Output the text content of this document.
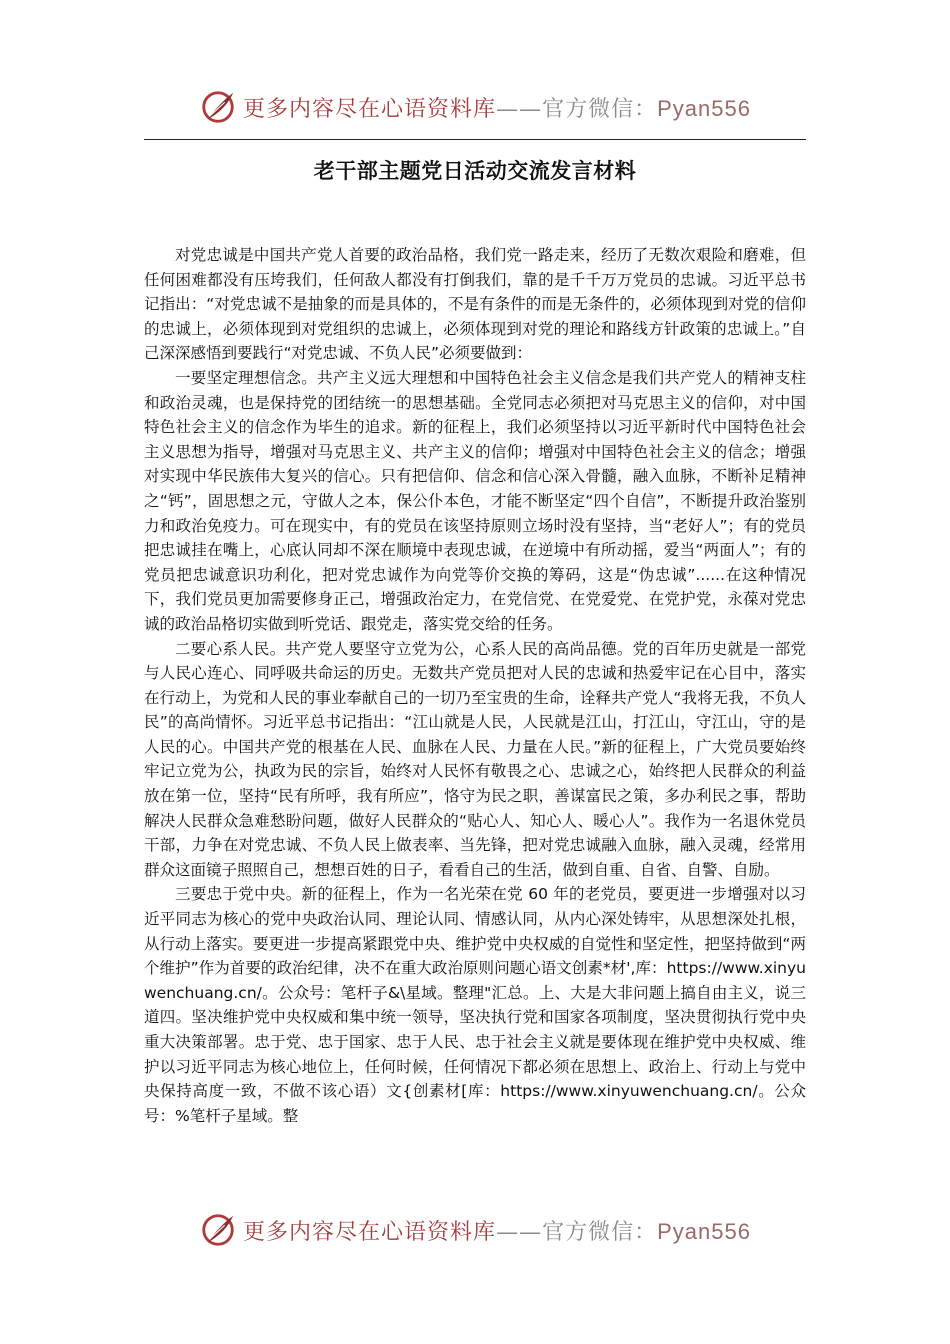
更多内容尽在心语资料库——官方微信：Pyan556
老干部主题党日活动交流发言材料

对党忠诚是中国共产党人首要的政治品格，我们党一路走来，经历了无数次艰险和磨难，但任何困难都没有压垮我们，任何敌人都没有打倒我们，靠的是千千万万党员的忠诚。习近平总书记指出：“对党忠诚不是抽象的而是具体的，不是有条件的而是无条件的，必须体现到对党的信仰的忠诚上，必须体现到对党组织的忠诚上，必须体现到对党的理论和路线方针政策的忠诚上。”自己深深感悟到要践行“对党忠诚、不负人民”必须要做到：

一要坚定理想信念。共产主义远大理想和中国特色社会主义信念是我们共产党人的精神支柱和政治灵魂，也是保持党的团结统一的思想基础。全党同志必须把对马克思主义的信仰，对中国特色社会主义的信念作为毕生的追求。新的征程上，我们必须坚持以习近平新时代中国特色社会主义思想为指导，增强对马克思主义、共产主义的信仰；增强对中国特色社会主义的信念；增强对实现中华民族伟大复兴的信心。只有把信仰、信念和信心深入骨髓，融入血脉，不断补足精神之“钙”，固思想之元，守做人之本，保公仆本色，才能不断坚定“四个自信”，不断提升政治鉴别力和政治免疫力。可在现实中，有的党员在该坚持原则立场时没有坚持，当“老好人”；有的党员把忠诚挂在嘴上，心底认同却不深在顺境中表现忠诚，在逆境中有所动摇，爱当“两面人”；有的党员把忠诚意识功利化，把对党忠诚作为向党等价交换的筹码，这是“伪忠诚”......在这种情况下，我们党员更加需要修身正己，增强政治定力，在党信党、在党爱党、在党护党，永葆对党忠诚的政治品格切实做到听党话、跟党走，落实党交给的任务。

二要心系人民。共产党人要坚守立党为公，心系人民的高尚品德。党的百年历史就是一部党与人民心连心、同呼吸共命运的历史。无数共产党员把对人民的忠诚和热爱牢记在心目中，落实在行动上，为党和人民的事业奉献自己的一切乃至宝贵的生命，诠释共产党人“我将无我，不负人民”的高尚情怀。习近平总书记指出：“江山就是人民，人民就是江山，打江山，守江山，守的是人民的心。中国共产党的根基在人民、血脉在人民、力量在人民。”新的征程上，广大党员要始终牢记立党为公，执政为民的宗旨，始终对人民怀有敬畏之心、忠诚之心，始终把人民群众的利益放在第一位，坚持“民有所呼，我有所应”，恪守为民之职，善谋富民之策，多办利民之事，帮助解决人民群众急难愁盼问题，做好人民群众的“贴心人、知心人、暖心人”。我作为一名退休党员干部，力争在对党忠诚、不负人民上做表率、当先锋，把对党忠诚融入血脉，融入灵魂，经常用群众这面镜子照照自己，想想百姓的日子，看看自己的生活，做到自重、自省、自警、自励。

三要忠于党中央。新的征程上，作为一名光荣在党 60 年的老党员，要更进一步增强对以习近平同志为核心的党中央政治认同、理论认同、情感认同，从内心深处铸牢，从思想深处扎根，从行动上落实。要更进一步提高紧跟党中央、维护党中央权威的自觉性和坚定性，把坚持做到“两个维护”作为首要的政治纪律，决不在重大政治原则问题心语文创素*材',库：https://www.xinyuwenchuang.cn/。公众号：笔杆子&\星域。整理"汇总。上、大是大非问题上搞自由主义，说三道四。坚决维护党中央权威和集中统一领导，坚决执行党和国家各项制度，坚决贯彻执行党中央重大决策部署。忠于党、忠于国家、忠于人民、忠于社会主义就是要体现在维护党中央权威、维护以习近平同志为核心地位上，任何时候，任何情况下都必须在思想上、政治上、行动上与党中央保持高度一致，不做不该心语）文{创素材[库：https://www.xinyuwenchuang.cn/。公众号：%笔杆子星域。整

更多内容尽在心语资料库——官方微信：Pyan556
